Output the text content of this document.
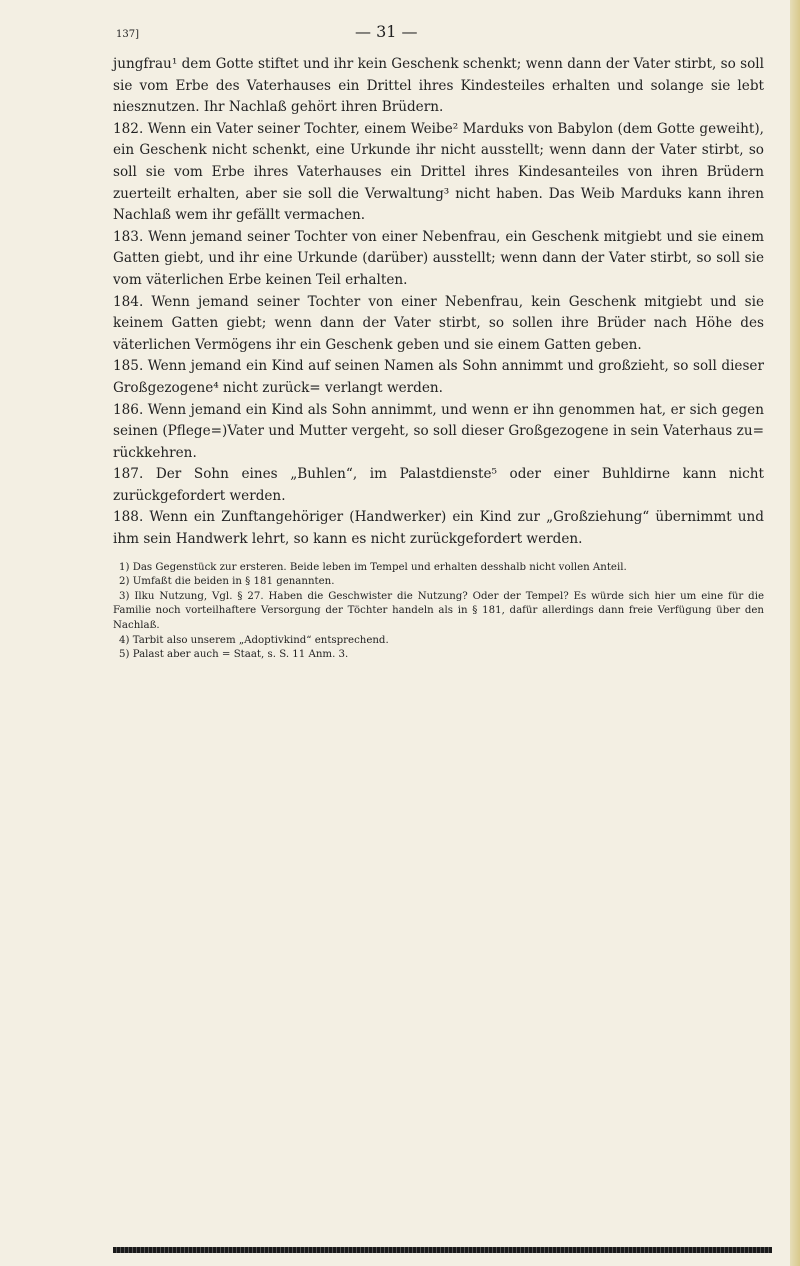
137]	— 31 —

jungfrau¹ dem Gotte stiftet und ihr kein Geschenk schenkt; wenn dann der Vater stirbt, so soll sie vom Erbe des Vaterhauses ein Drittel ihres Kindesteiles erhalten und solange sie lebt niesznutzen. Ihr Nachlaß gehört ihren Brüdern.

182. Wenn ein Vater seiner Tochter, einem Weibe² Marduks von Babylon (dem Gotte geweiht), ein Geschenk nicht schenkt, eine Urkunde ihr nicht ausstellt; wenn dann der Vater stirbt, so soll sie vom Erbe ihres Vaterhauses ein Drittel ihres Kindesanteiles von ihren Brüdern zuerteilt erhalten, aber sie soll die Verwaltung³ nicht haben. Das Weib Marduks kann ihren Nachlaß wem ihr gefällt vermachen.

183. Wenn jemand seiner Tochter von einer Nebenfrau, ein Geschenk mitgiebt und sie einem Gatten giebt, und ihr eine Urkunde (darüber) ausstellt; wenn dann der Vater stirbt, so soll sie vom väterlichen Erbe keinen Teil erhalten.

184. Wenn jemand seiner Tochter von einer Nebenfrau, kein Geschenk mitgiebt und sie keinem Gatten giebt; wenn dann der Vater stirbt, so sollen ihre Brüder nach Höhe des väterlichen Vermögens ihr ein Geschenk geben und sie einem Gatten geben.

185. Wenn jemand ein Kind auf seinen Namen als Sohn annimmt und großzieht, so soll dieser Großgezogene⁴ nicht zurück= verlangt werden.

186. Wenn jemand ein Kind als Sohn annimmt, und wenn er ihn genommen hat, er sich gegen seinen (Pflege=)Vater und Mutter vergeht, so soll dieser Großgezogene in sein Vaterhaus zu= rückkehren.

187. Der Sohn eines „Buhlen“, im Palastdienste⁵ oder einer Buhldirne kann nicht zurückgefordert werden.

188. Wenn ein Zunftangehöriger (Handwerker) ein Kind zur „Großziehung“ übernimmt und ihm sein Handwerk lehrt, so kann es nicht zurückgefordert werden.

1) Das Gegenstück zur ersteren. Beide leben im Tempel und erhalten desshalb nicht vollen Anteil.

2) Umfaßt die beiden in § 181 genannten.

3) Ilku Nutzung, Vgl. § 27. Haben die Geschwister die Nutzung? Oder der Tempel? Es würde sich hier um eine für die Familie noch vorteilhaftere Versorgung der Töchter handeln als in § 181, dafür allerdings dann freie Verfügung über den Nachlaß.

4) Tarbit also unserem „Adoptivkind“ entsprechend.

5) Palast aber auch = Staat, s. S. 11 Anm. 3.
